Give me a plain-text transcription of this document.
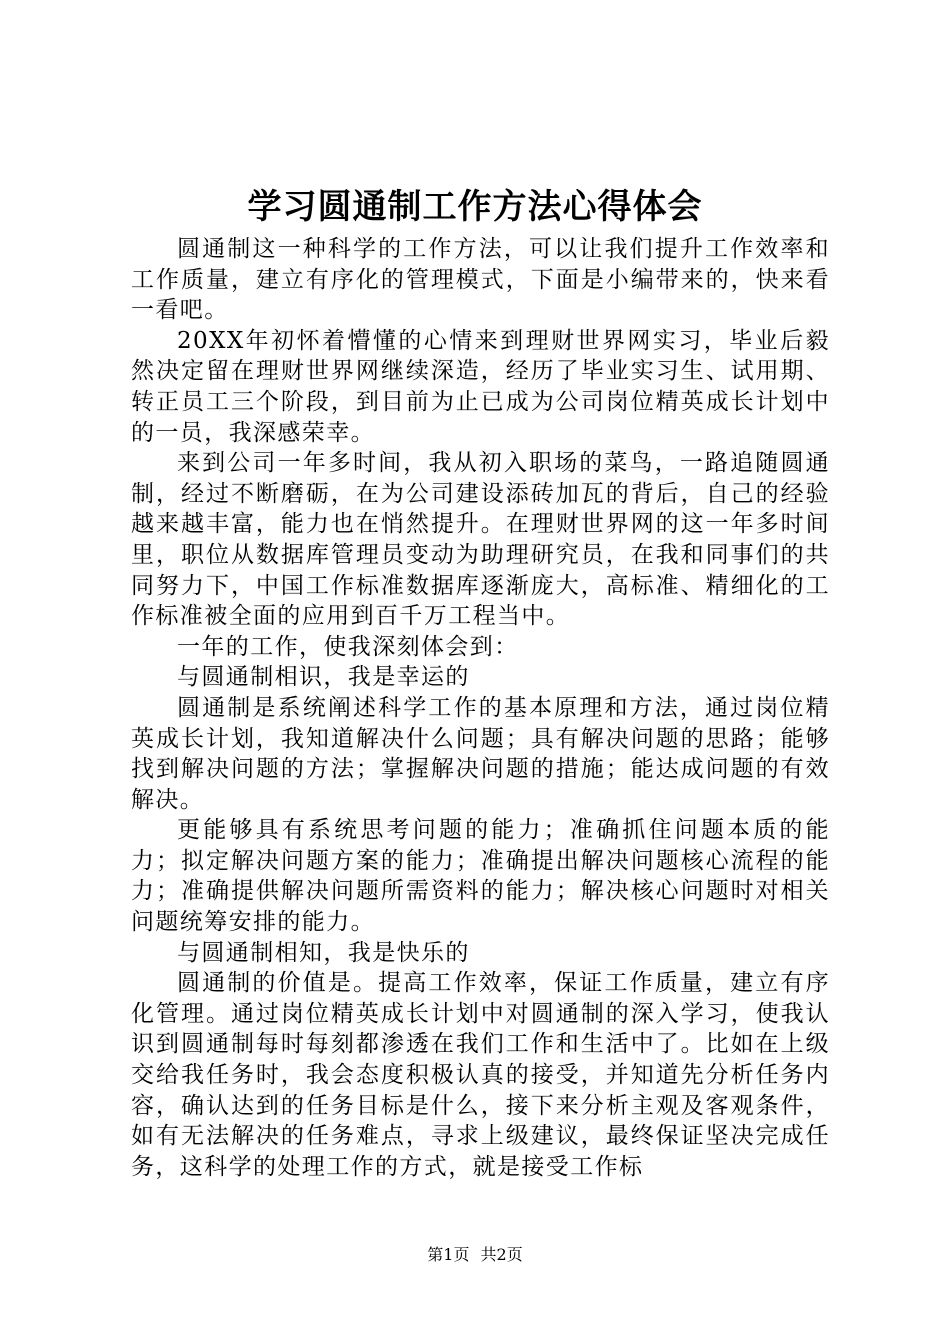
学习圆通制工作方法心得体会

圆通制这一种科学的工作方法，可以让我们提升工作效率和工作质量，建立有序化的管理模式，下面是小编带来的，快来看一看吧。

20XX年初怀着懵懂的心情来到理财世界网实习，毕业后毅然决定留在理财世界网继续深造，经历了毕业实习生、试用期、转正员工三个阶段，到目前为止已成为公司岗位精英成长计划中的一员，我深感荣幸。

来到公司一年多时间，我从初入职场的菜鸟，一路追随圆通制，经过不断磨砺，在为公司建设添砖加瓦的背后，自己的经验越来越丰富，能力也在悄然提升。在理财世界网的这一年多时间里，职位从数据库管理员变动为助理研究员，在我和同事们的共同努力下，中国工作标准数据库逐渐庞大，高标准、精细化的工作标准被全面的应用到百千万工程当中。

一年的工作，使我深刻体会到：

与圆通制相识，我是幸运的

圆通制是系统阐述科学工作的基本原理和方法，通过岗位精英成长计划，我知道解决什么问题；具有解决问题的思路；能够找到解决问题的方法；掌握解决问题的措施；能达成问题的有效解决。

更能够具有系统思考问题的能力；准确抓住问题本质的能力；拟定解决问题方案的能力；准确提出解决问题核心流程的能力；准确提供解决问题所需资料的能力；解决核心问题时对相关问题统筹安排的能力。

与圆通制相知，我是快乐的

圆通制的价值是。提高工作效率，保证工作质量，建立有序化管理。通过岗位精英成长计划中对圆通制的深入学习，使我认识到圆通制每时每刻都渗透在我们工作和生活中了。比如在上级交给我任务时，我会态度积极认真的接受，并知道先分析任务内容，确认达到的任务目标是什么，接下来分析主观及客观条件，如有无法解决的任务难点，寻求上级建议，最终保证坚决完成任务，这科学的处理工作的方式，就是接受工作标

第1页 共2页
